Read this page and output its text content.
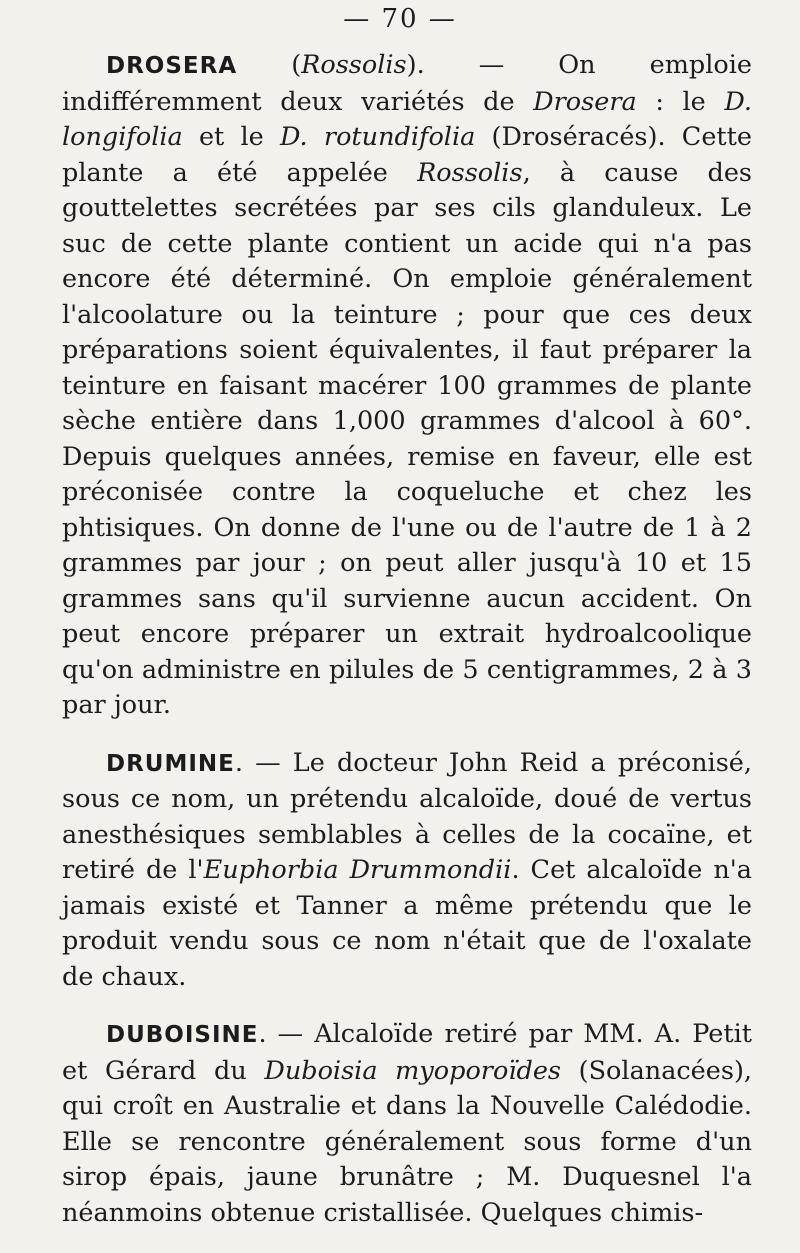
— 70 —

DROSERA (Rossolis). — On emploie indifféremment deux variétés de Drosera : le D. longifolia et le D. rotundifolia (Droséracés). Cette plante a été appelée Rossolis, à cause des gouttelettes secrétées par ses cils glanduleux. Le suc de cette plante contient un acide qui n'a pas encore été déterminé. On emploie généralement l'alcoolature ou la teinture ; pour que ces deux préparations soient équivalentes, il faut préparer la teinture en faisant macérer 100 grammes de plante sèche entière dans 1,000 grammes d'alcool à 60°. Depuis quelques années, remise en faveur, elle est préconisée contre la coqueluche et chez les phtisiques. On donne de l'une ou de l'autre de 1 à 2 grammes par jour ; on peut aller jusqu'à 10 et 15 grammes sans qu'il survienne aucun accident. On peut encore préparer un extrait hydroalcoolique qu'on administre en pilules de 5 centigrammes, 2 à 3 par jour.

DRUMINE. — Le docteur John Reid a préconisé, sous ce nom, un prétendu alcaloïde, doué de vertus anesthésiques semblables à celles de la cocaïne, et retiré de l'Euphorbia Drummondii. Cet alcaloïde n'a jamais existé et Tanner a même prétendu que le produit vendu sous ce nom n'était que de l'oxalate de chaux.

DUBOISINE. — Alcaloïde retiré par MM. A. Petit et Gérard du Duboisia myoporoïdes (Solanacées), qui croît en Australie et dans la Nouvelle Calédodie. Elle se rencontre généralement sous forme d'un sirop épais, jaune brunâtre ; M. Duquesnel l'a néanmoins obtenue cristallisée. Quelques chimis-
